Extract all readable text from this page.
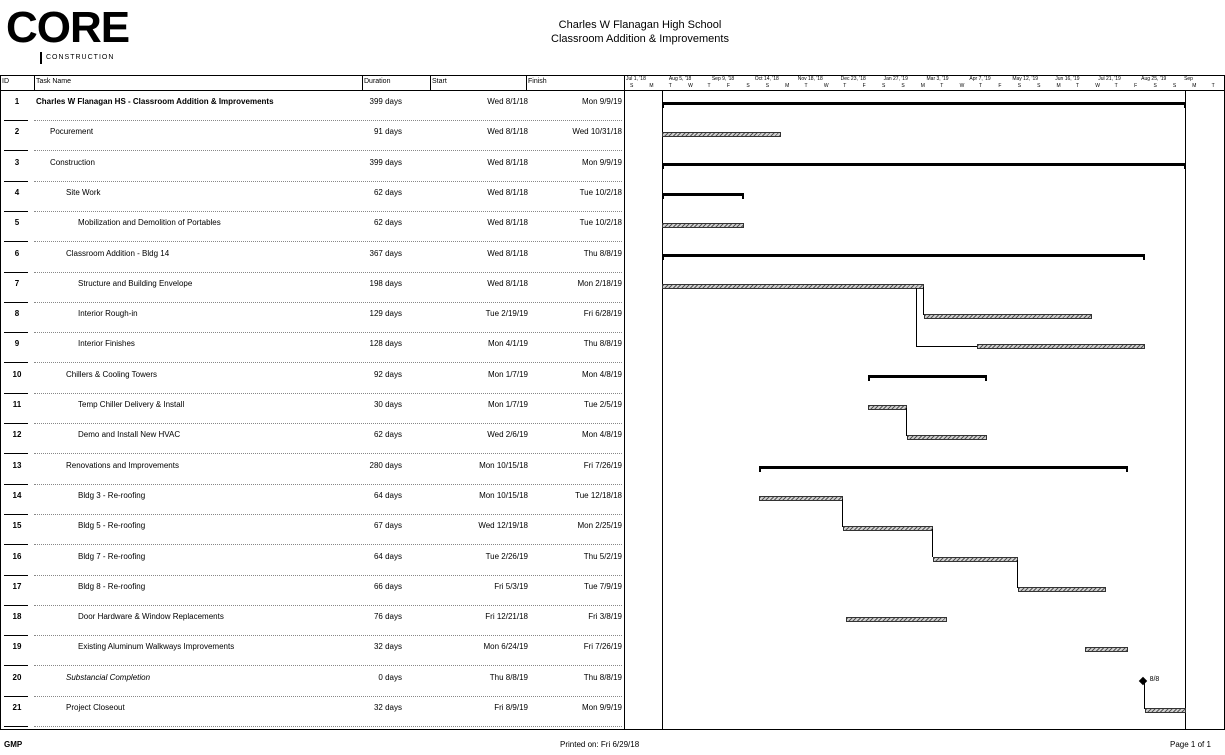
CORE
CONSTRUCTION
Charles W Flanagan High School
Classroom Addition & Improvements
ID	Task Name	Duration	Start	Finish	Jul 1, '18	Aug 5, '18	Sep 9, '18	Oct 14, '18	Nov 18, '18	Dec 23, '18	Jan 27, '19	Mar 3, '19	Apr 7, '19	May 12, '19	Jun 16, '19	Jul 21, '19	Aug 25, '19	Sep
S	M	T	W	T	F	S	S	M	T	W	T	F	S	S	M	T	W	T	F	S	S	M	T	W	T	F	S	S	M	T
1	Charles W Flanagan HS - Classroom Addition & Improvements	399 days	Wed 8/1/18	Mon 9/9/19
2	Pocurement	91 days	Wed 8/1/18	Wed 10/31/18
3	Construction	399 days	Wed 8/1/18	Mon 9/9/19
4	Site Work	62 days	Wed 8/1/18	Tue 10/2/18
5	Mobilization and Demolition of Portables	62 days	Wed 8/1/18	Tue 10/2/18
6	Classroom Addition - Bldg 14	367 days	Wed 8/1/18	Thu 8/8/19
7	Structure and Building Envelope	198 days	Wed 8/1/18	Mon 2/18/19
8	Interior Rough-in	129 days	Tue 2/19/19	Fri 6/28/19
9	Interior Finishes	128 days	Mon 4/1/19	Thu 8/8/19
10	Chillers & Cooling Towers	92 days	Mon 1/7/19	Mon 4/8/19
11	Temp Chiller Delivery & Install	30 days	Mon 1/7/19	Tue 2/5/19
12	Demo and Install New HVAC	62 days	Wed 2/6/19	Mon 4/8/19
13	Renovations and Improvements	280 days	Mon 10/15/18	Fri 7/26/19
14	Bldg 3 - Re-roofing	64 days	Mon 10/15/18	Tue 12/18/18
15	Bldg 5 - Re-roofing	67 days	Wed 12/19/18	Mon 2/25/19
16	Bldg 7 - Re-roofing	64 days	Tue 2/26/19	Thu 5/2/19
17	Bldg 8 - Re-roofing	66 days	Fri 5/3/19	Tue 7/9/19
18	Door Hardware & Window Replacements	76 days	Fri 12/21/18	Fri 3/8/19
19	Existing Aluminum Walkways Improvements	32 days	Mon 6/24/19	Fri 7/26/19
20	Substancial Completion	0 days	Thu 8/8/19	Thu 8/8/19
21	Project Closeout	32 days	Fri 8/9/19	Mon 9/9/19
8/8
GMP	Printed on: Fri 6/29/18	Page 1 of 1
